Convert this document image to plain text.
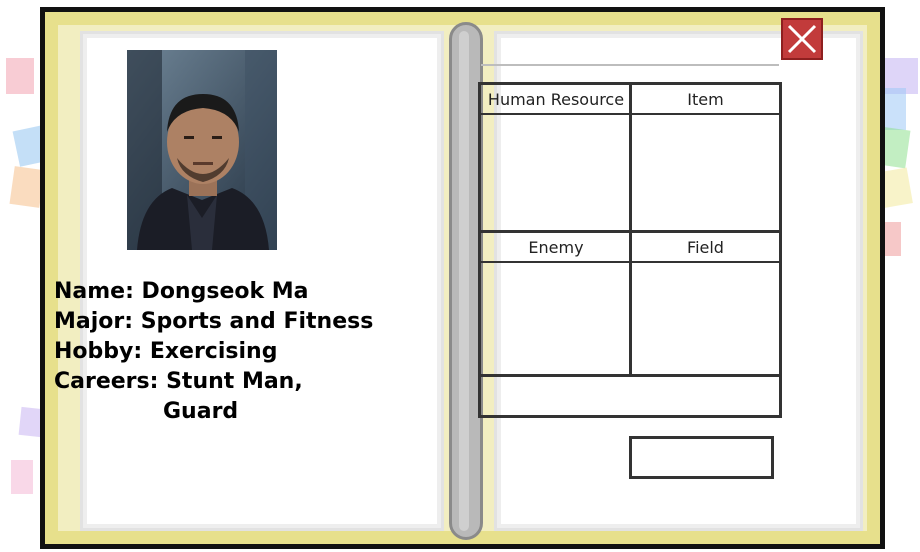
Name: Dongseok Ma
Major: Sports and Fitness
Hobby: Exercising
Careers: Stunt Man,
Guard
Human Resource	Item
Enemy	Field
